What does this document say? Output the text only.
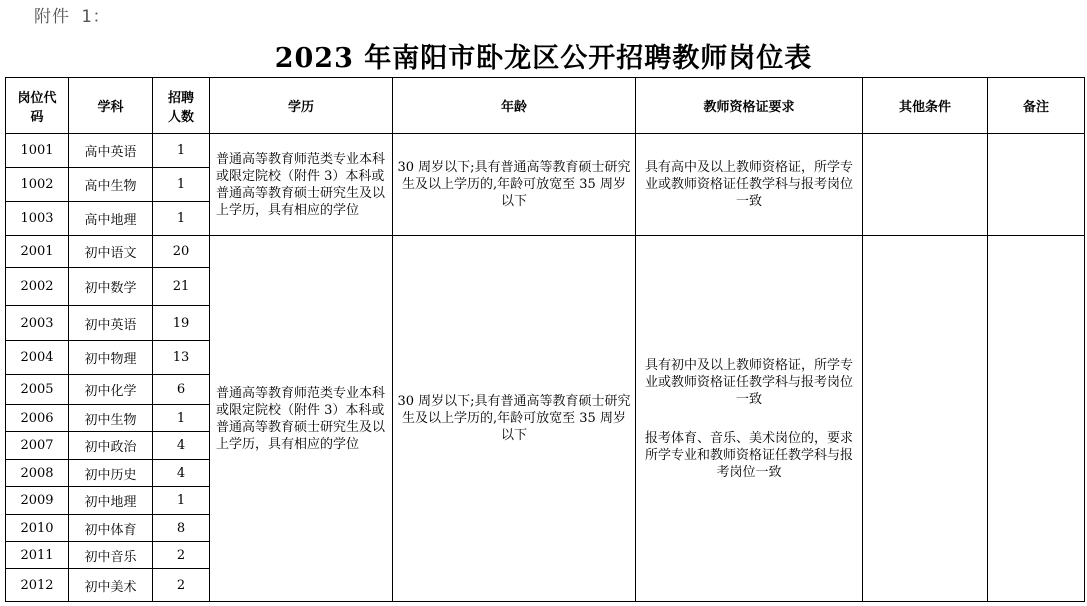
附件 1：
2023 年南阳市卧龙区公开招聘教师岗位表
岗位代码	学科	招聘人数	学历	年龄	教师资格证要求	其他条件	备注
1001	高中英语	1	普通高等教育师范类专业本科或限定院校（附件 3）本科或普通高等教育硕士研究生及以上学历，具有相应的学位	30 周岁以下;具有普通高等教育硕士研究生及以上学历的,年龄可放宽至 35 周岁以下	具有高中及以上教师资格证，所学专业或教师资格证任教学科与报考岗位一致		
1002	高中生物	1					
1003	高中地理	1					
2001	初中语文	20	普通高等教育师范类专业本科或限定院校（附件 3）本科或普通高等教育硕士研究生及以上学历，具有相应的学位	30 周岁以下;具有普通高等教育硕士研究生及以上学历的,年龄可放宽至 35 周岁以下	具有初中及以上教师资格证，所学专业或教师资格证任教学科与报考岗位一致
报考体育、音乐、美术岗位的，要求所学专业和教师资格证任教学科与报考岗位一致		

2002	初中数学	21					
2003	初中英语	19					
2004	初中物理	13					
2005	初中化学	6					
2006	初中生物	1					
2007	初中政治	4					
2008	初中历史	4					
2009	初中地理	1					
2010	初中体育	8					
2011	初中音乐	2					
2012	初中美术	2					
